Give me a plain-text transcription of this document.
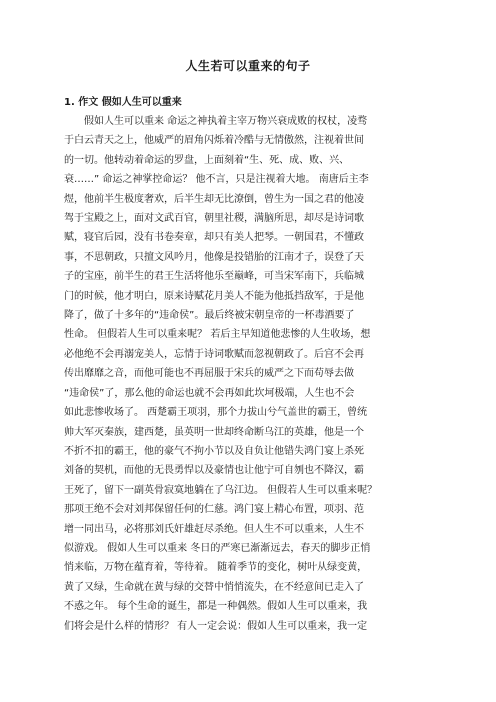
人生若可以重来的句子
1. 作文 假如人生可以重来
假如人生可以重来 命运之神执着主宰万物兴衰成败的权杖，凌骛
于白云青天之上，他威严的眉角闪烁着冷酷与无情傲然，注视着世间
的一切。他转动着命运的罗盘，上面刻着“生、死、成、败、兴、
衰……” 命运之神掌控命运？ 他不言，只是注视着大地。 南唐后主李
煜，他前半生极度奢欢，后半生却无比潦倒，曾生为一国之君的他凌
驾于宝殿之上，面对文武百官，朝里社稷，满脑所思，却尽是诗词歌
赋，寝官后园，没有书卷奏章，却只有美人把琴。一朝国君，不懂政
事，不思朝政，只擅文风吟月，他像是投错胎的江南才子，误登了天
子的宝座，前半生的君王生活将他乐至巅峰，可当宋军南下，兵临城
门的时候，他才明白，原来诗赋花月美人不能为他抵挡敌军，于是他
降了，做了十多年的“违命侯”。最后终被宋朝皇帝的一杯毒酒要了
性命。 但假若人生可以重来呢？ 若后主早知道他悲惨的人生收场，想
必他绝不会再溺宠美人，忘情于诗词歌赋而忽视朝政了。后宫不会再
传出靡靡之音，而他可能也不再屈服于宋兵的威严之下而苟辱去做
“违命侯”了，那么他的命运也就不会再如此坎坷极端，人生也不会
如此悲惨收场了。 西楚霸王项羽，那个力拔山兮气盖世的霸王，曾统
帅大军灭秦族，建西楚，虽英明一世却终命断乌江的英雄，他是一个
不折不扣的霸王，他的豪气不拘小节以及自负让他错失鸿门宴上杀死
刘备的契机，而他的无畏勇悍以及豪情也让他宁可自刎也不降汉，霸
王死了，留下一副英骨寂寞地躺在了乌江边。 但假若人生可以重来呢？
那项王绝不会对刘邦保留任何的仁慈。鸿门宴上精心布置，项羽、范
增一同出马，必将那刘氏奸雄赶尽杀绝。但人生不可以重来，人生不
似游戏。 假如人生可以重来 冬日的严寒已渐渐远去，春天的脚步正悄
悄来临，万物在蕴育着，等待着。 随着季节的变化，树叶从绿变黄，
黄了又绿，生命就在黄与绿的交替中悄悄流失，在不经意间已走入了
不惑之年。 每个生命的诞生，都是一种偶然。假如人生可以重来，我
们将会是什么样的情形？ 有人一定会说：假如人生可以重来，我一定
